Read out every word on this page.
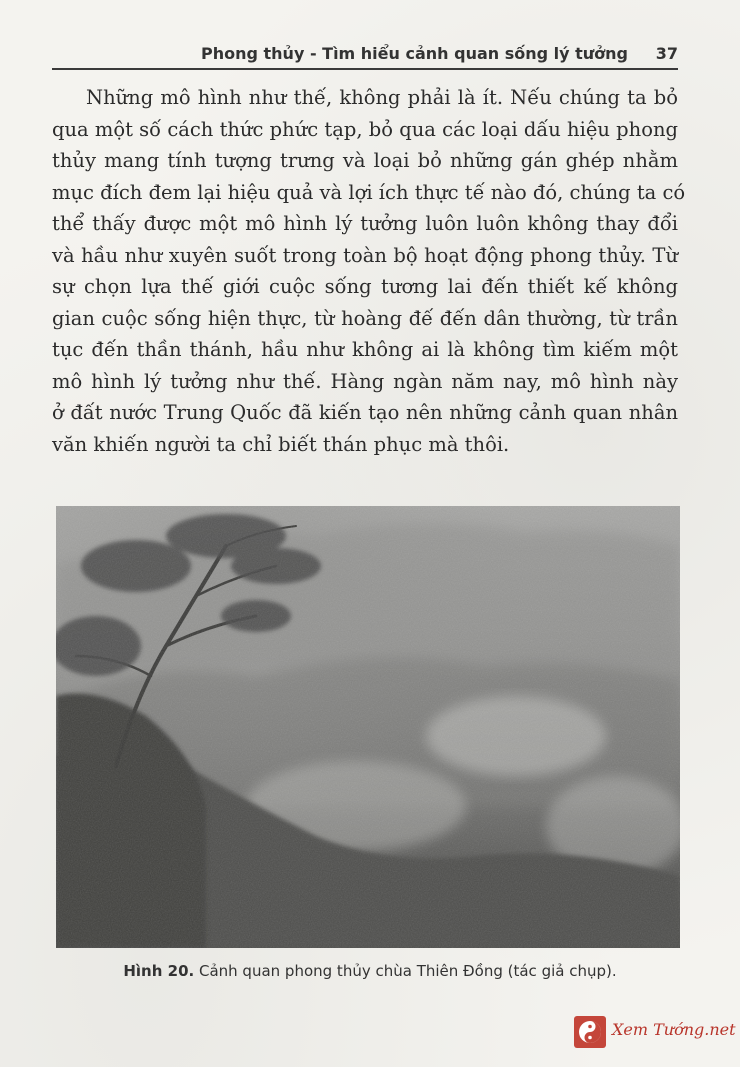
Phong thủy - Tìm hiểu cảnh quan sống lý tưởng 37
Những mô hình như thế, không phải là ít. Nếu chúng ta bỏ
qua một số cách thức phức tạp, bỏ qua các loại dấu hiệu phong
thủy mang tính tượng trưng và loại bỏ những gán ghép nhằm
mục đích đem lại hiệu quả và lợi ích thực tế nào đó, chúng ta có
thể thấy được một mô hình lý tưởng luôn luôn không thay đổi
và hầu như xuyên suốt trong toàn bộ hoạt động phong thủy. Từ
sự chọn lựa thế giới cuộc sống tương lai đến thiết kế không
gian cuộc sống hiện thực, từ hoàng đế đến dân thường, từ trần
tục đến thần thánh, hầu như không ai là không tìm kiếm một
mô hình lý tưởng như thế. Hàng ngàn năm nay, mô hình này
ở đất nước Trung Quốc đã kiến tạo nên những cảnh quan nhân
văn khiến người ta chỉ biết thán phục mà thôi.
Hình 20. Cảnh quan phong thủy chùa Thiên Đồng (tác giả chụp).
Xem Tướng.net
